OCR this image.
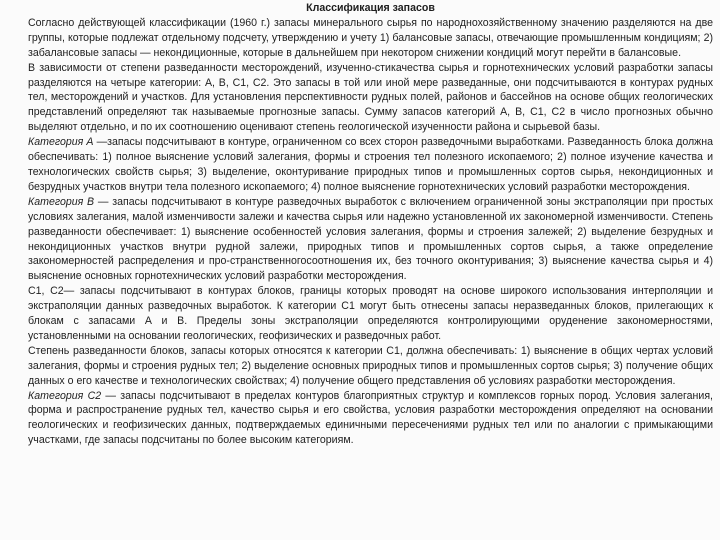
Классификация запасов

Согласно действующей классификации (1960 г.) запасы минерального сырья по народнохозяйственному значению разделяются на две группы, которые подлежат отдельному подсчету, утверждению и учету 1) балансовые запасы, отвечающие промышленным кондициям; 2) забалансовые запасы — некондиционные, которые в дальнейшем при некотором снижении кондиций могут перейти в балансовые.

В зависимости от степени разведанности месторождений, изученно-стикачества сырья и горнотехнических условий разработки запасы разделяются на четыре категории: А, В, С1, С2. Это запасы в той или иной мере разведанные, они подсчитываются в контурах рудных тел, месторождений и участков. Для установления перспективности рудных полей, районов и бассейнов на основе общих геологических представлений определяют так называемые прогнозные запасы. Сумму запасов категорий А, В, С1, С2 в число прогнозных обычно выделяют отдельно, и по их соотношению оценивают степень геологической изученности района и сырьевой базы.

Категория А —запасы подсчитывают в контуре, ограниченном со всех сторон разведочными выработками. Разведанность блока должна обеспечивать: 1) полное выяснение условий залегания, формы и строения тел полезного ископаемого; 2) полное изучение качества и технологических свойств сырья; 3) выделение, оконтуривание природных типов и промышленных сортов сырья, некондиционных и безрудных участков внутри тела полезного ископаемого; 4) полное выяснение горнотехнических условий разработки месторождения.

Категория В — запасы подсчитывают в контуре разведочных выработок с включением ограниченной зоны экстраполяции при простых условиях залегания, малой изменчивости залежи и качества сырья или надежно установленной их закономерной изменчивости. Степень разведанности обеспечивает: 1) выяснение особенностей условия залегания, формы и строения залежей; 2) выделение безрудных и некондиционных участков внутри рудной залежи, природных типов и промышленных сортов сырья, а также определение закономерностей распределения и про-странственногосоотношения их, без точного оконтуривания; 3) выяснение качества сырья и 4) выяснение основных горнотехнических условий разработки месторождения.

С1, С2— запасы подсчитывают в контурах блоков, границы которых проводят на основе широкого использования интерполяции и экстраполяции данных разведочных выработок. К категории С1 могут быть отнесены запасы неразведанных блоков, прилегающих к блокам с запасами А и В. Пределы зоны экстраполяции определяются контролирующими оруденение закономерностями, установленными на основании геологических, геофизических и разведочных работ.

Степень разведанности блоков, запасы которых относятся к категории С1, должна обеспечивать: 1) выяснение в общих чертах условий залегания, формы и строения рудных тел; 2) выделение основных природных типов и промышленных сортов сырья; 3) получение общих данных о его качестве и технологических свойствах; 4) получение общего представления об условиях разработки месторождения.

Категория С2 — запасы подсчитывают в пределах контуров благоприятных структур и комплексов горных пород. Условия залегания, форма и распространение рудных тел, качество сырья и его свойства, условия разработки месторождения определяют на основании геологических и геофизических данных, подтверждаемых единичными пересечениями рудных тел или по аналогии с примыкающими участками, где запасы подсчитаны по более высоким категориям.
